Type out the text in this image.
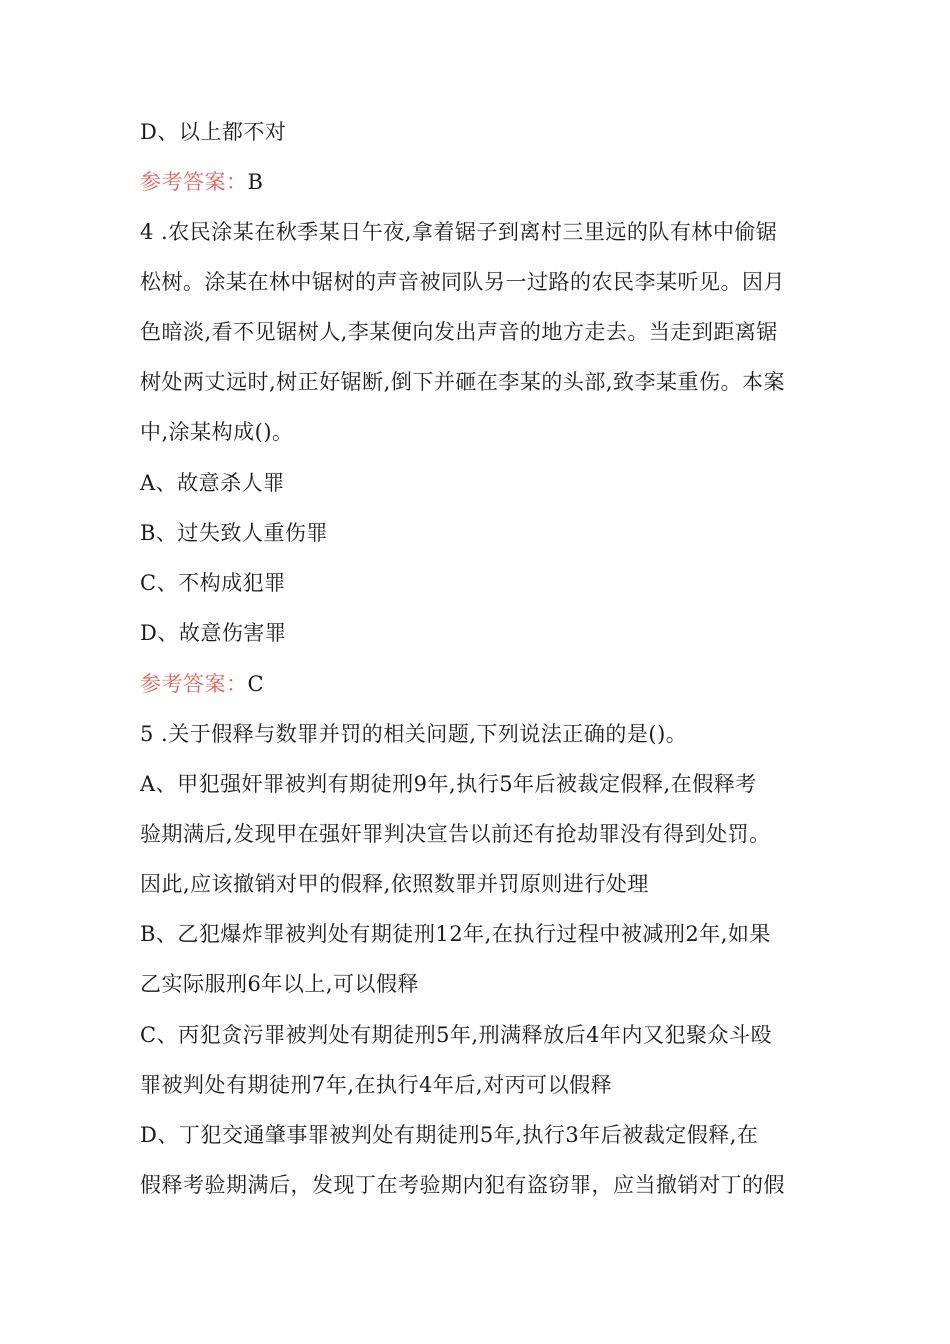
D、以上都不对
参考答案：B
4 .农民涂某在秋季某日午夜,拿着锯子到离村三里远的队有林中偷锯
松树。涂某在林中锯树的声音被同队另一过路的农民李某听见。因月
色暗淡,看不见锯树人,李某便向发出声音的地方走去。当走到距离锯
树处两丈远时,树正好锯断,倒下并砸在李某的头部,致李某重伤。本案
中,涂某构成()。
A、故意杀人罪
B、过失致人重伤罪
C、不构成犯罪
D、故意伤害罪
参考答案：C
5 .关于假释与数罪并罚的相关问题,下列说法正确的是()。
A、甲犯强奸罪被判有期徒刑9年,执行5年后被裁定假释,在假释考
验期满后,发现甲在强奸罪判决宣告以前还有抢劫罪没有得到处罚。
因此,应该撤销对甲的假释,依照数罪并罚原则进行处理
B、乙犯爆炸罪被判处有期徒刑12年,在执行过程中被减刑2年,如果
乙实际服刑6年以上,可以假释
C、丙犯贪污罪被判处有期徒刑5年,刑满释放后4年内又犯聚众斗殴
罪被判处有期徒刑7年,在执行4年后,对丙可以假释
D、丁犯交通肇事罪被判处有期徒刑5年,执行3年后被裁定假释,在
假释考验期满后，发现丁在考验期内犯有盗窃罪，应当撤销对丁的假
